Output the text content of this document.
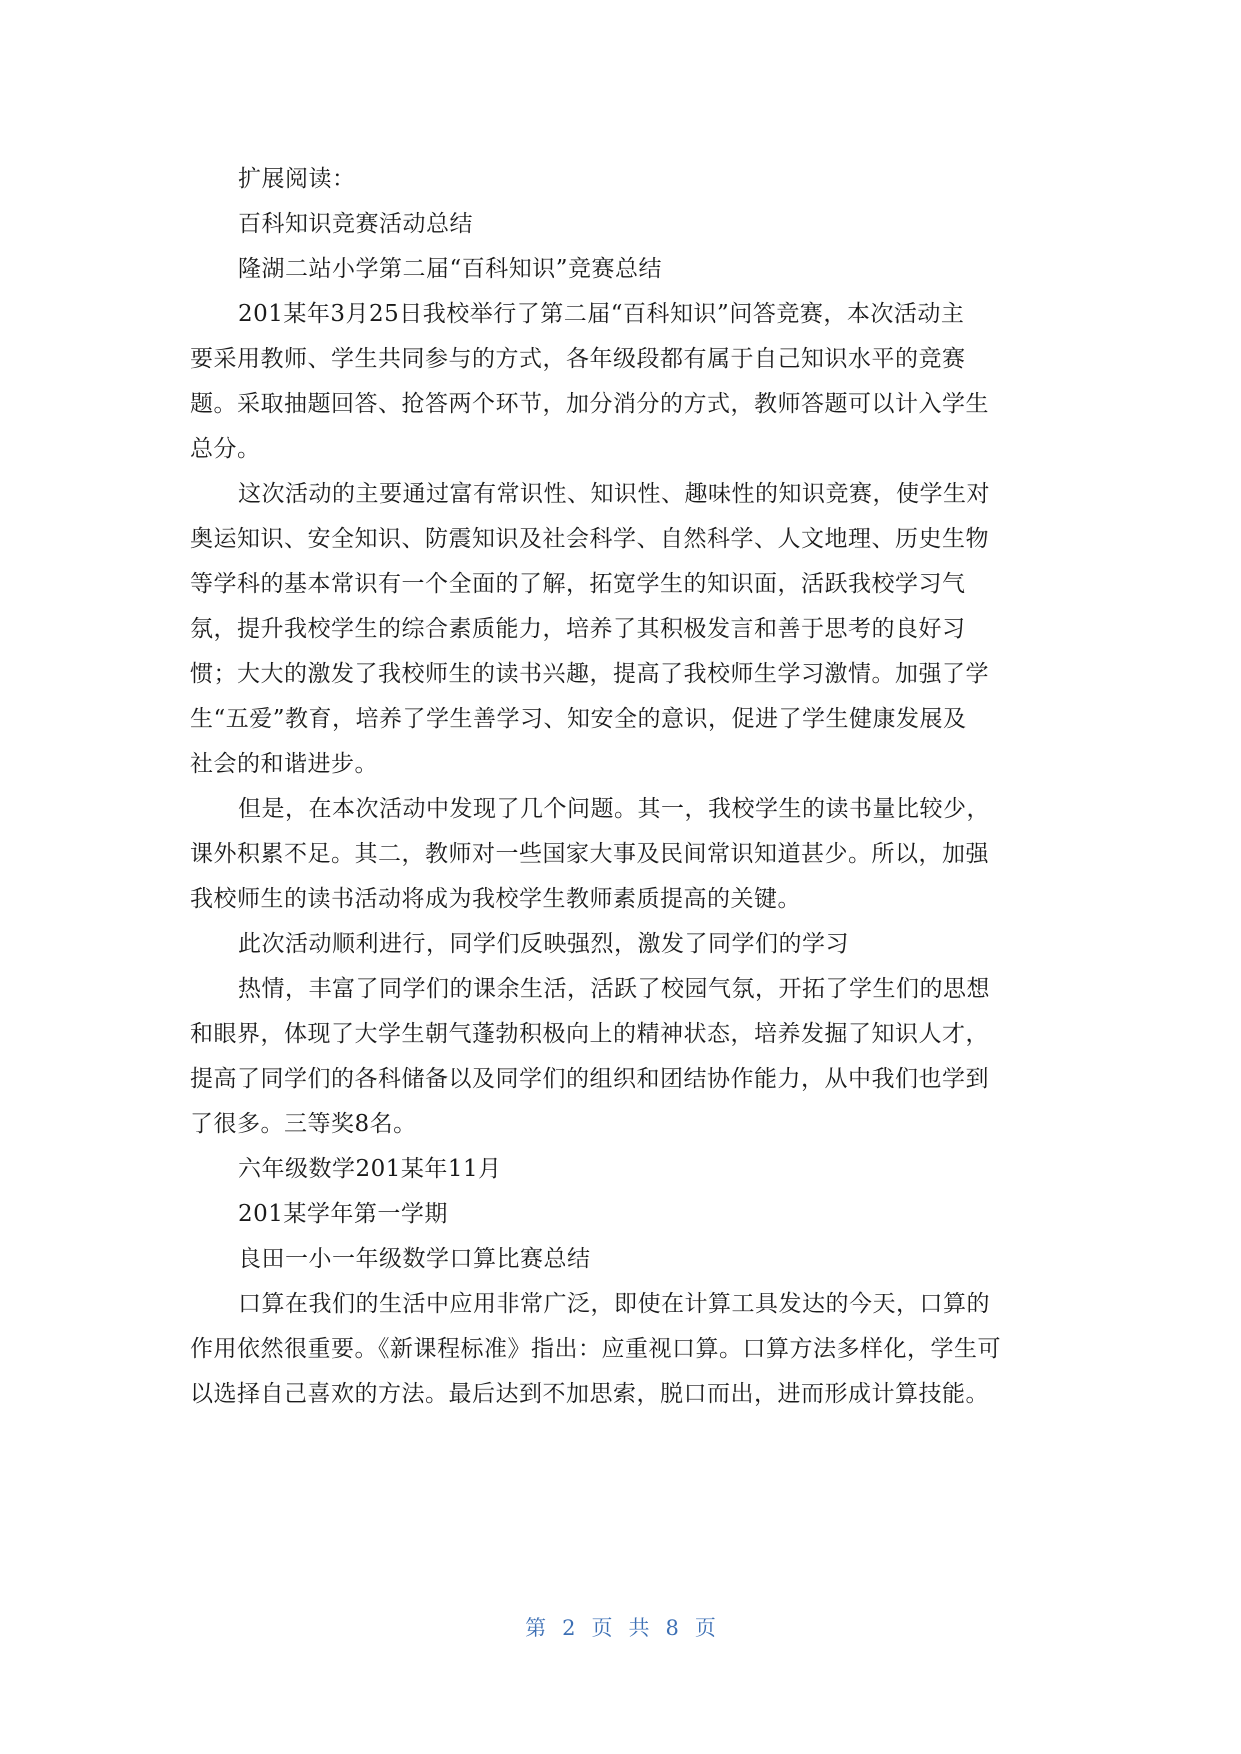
扩展阅读：
百科知识竞赛活动总结
隆湖二站小学第二届“百科知识”竞赛总结
201某年3月25日我校举行了第二届“百科知识”问答竞赛，本次活动主
要采用教师、学生共同参与的方式，各年级段都有属于自己知识水平的竞赛
题。采取抽题回答、抢答两个环节，加分消分的方式，教师答题可以计入学生
总分。
这次活动的主要通过富有常识性、知识性、趣味性的知识竞赛，使学生对
奥运知识、安全知识、防震知识及社会科学、自然科学、人文地理、历史生物
等学科的基本常识有一个全面的了解，拓宽学生的知识面，活跃我校学习气
氛，提升我校学生的综合素质能力，培养了其积极发言和善于思考的良好习
惯；大大的激发了我校师生的读书兴趣，提高了我校师生学习激情。加强了学
生“五爱”教育，培养了学生善学习、知安全的意识，促进了学生健康发展及
社会的和谐进步。
但是，在本次活动中发现了几个问题。其一，我校学生的读书量比较少，
课外积累不足。其二，教师对一些国家大事及民间常识知道甚少。所以，加强
我校师生的读书活动将成为我校学生教师素质提高的关键。
此次活动顺利进行，同学们反映强烈，激发了同学们的学习
热情，丰富了同学们的课余生活，活跃了校园气氛，开拓了学生们的思想
和眼界，体现了大学生朝气蓬勃积极向上的精神状态，培养发掘了知识人才，
提高了同学们的各科储备以及同学们的组织和团结协作能力，从中我们也学到
了很多。三等奖8名。
六年级数学201某年11月
201某学年第一学期
良田一小一年级数学口算比赛总结
口算在我们的生活中应用非常广泛，即使在计算工具发达的今天，口算的
作用依然很重要。《新课程标准》指出：应重视口算。口算方法多样化，学生可
以选择自己喜欢的方法。最后达到不加思索，脱口而出，进而形成计算技能。
第 2 页 共 8 页
